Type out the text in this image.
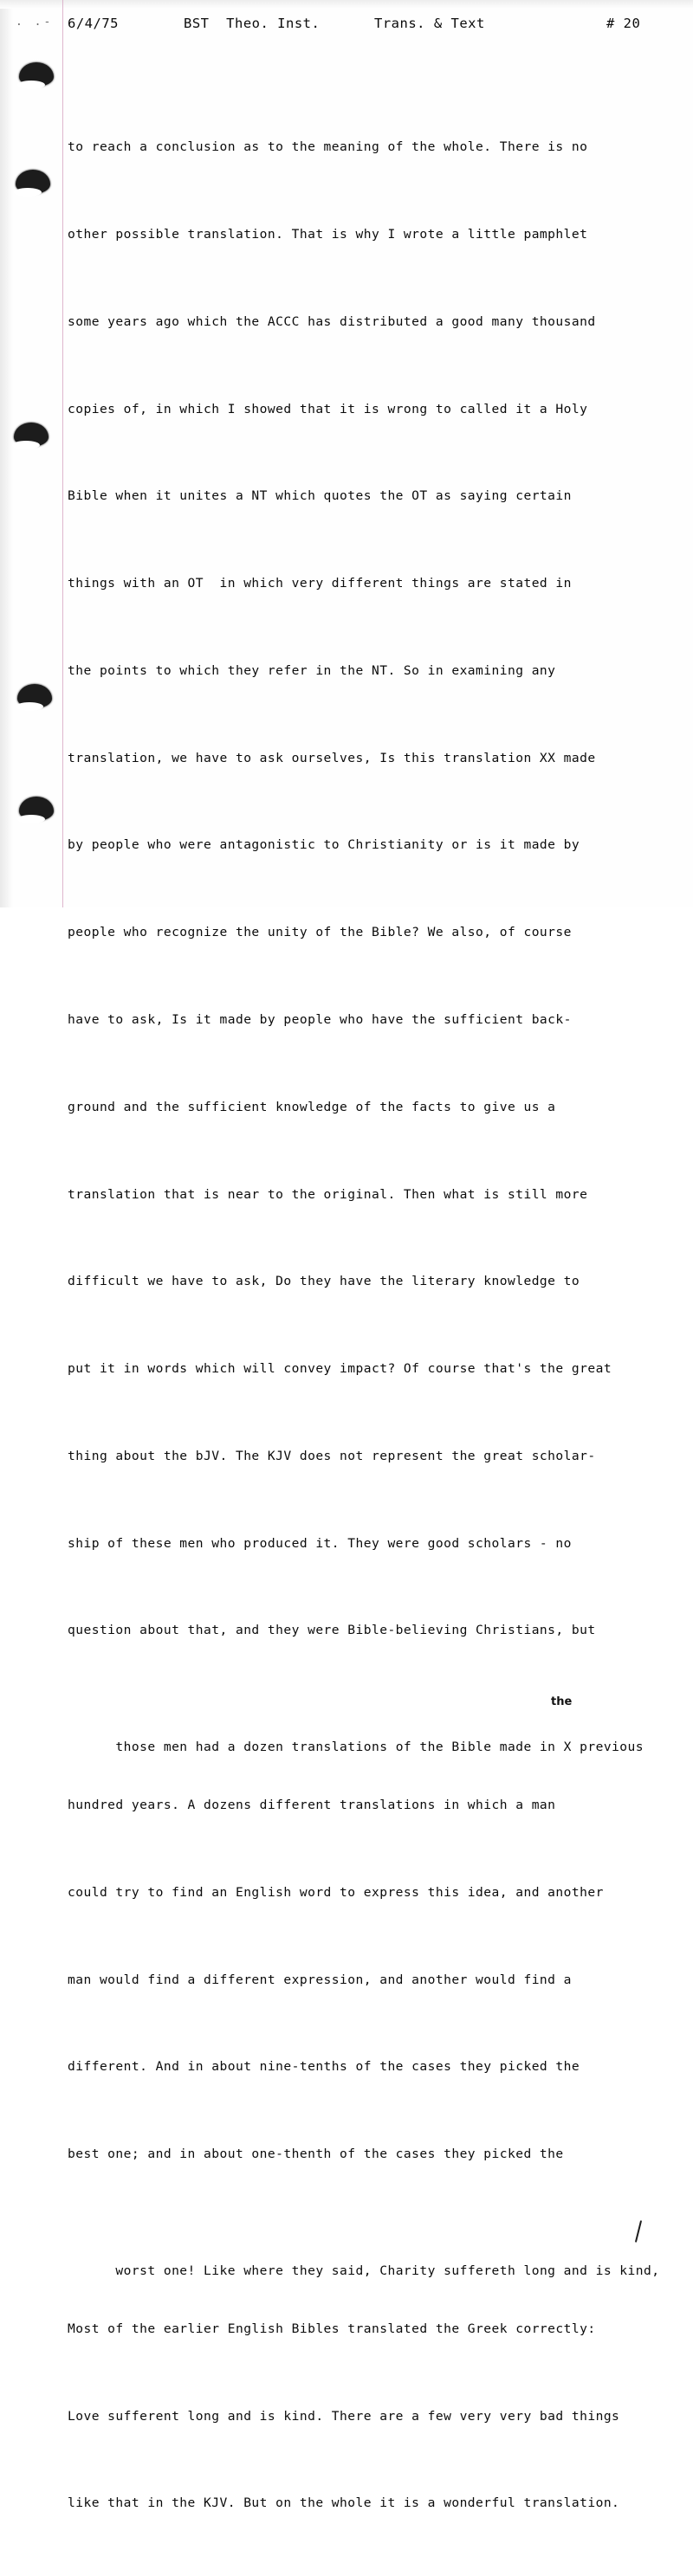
. .-

6/4/75

	BST  Theo. Inst.

	Trans. & Text

	# 20

to reach a conclusion as to the meaning of the whole. There is no

other possible translation. That is why I wrote a little pamphlet

some years ago which the ACCC has distributed a good many thousand

copies of, in which I showed that it is wrong to called it a Holy

Bible when it unites a NT which quotes the OT as saying certain

things with an OT  in which very different things are stated in

the points to which they refer in the NT. So in examining any

translation, we have to ask ourselves, Is this translation XX made

by people who were antagonistic to Christianity or is it made by

people who recognize the unity of the Bible? We also, of course

have to ask, Is it made by people who have the sufficient back-

ground and the sufficient knowledge of the facts to give us a

translation that is near to the original. Then what is still more

difficult we have to ask, Do they have the literary knowledge to

put it in words which will convey impact? Of course that's the great

thing about the bJV. The KJV does not represent the great scholar-

ship of these men who produced it. They were good scholars - no

question about that, and they were Bible-believing Christians, but

those men had a dozen translations of the Bible made in X previous

the

hundred years. A dozens different translations in which a man

could try to find an English word to express this idea, and another

man would find a different expression, and another would find a

different. And in about nine-tenths of the cases they picked the

best one; and in about one-thenth of the cases they picked the

worst one! Like where they said, Charity suffereth long and is kind,

Most of the earlier English Bibles translated the Greek correctly:

Love sufferent long and is kind. There are a few very very bad things

like that in the KJV. But on the whole it is a wonderful translation.
